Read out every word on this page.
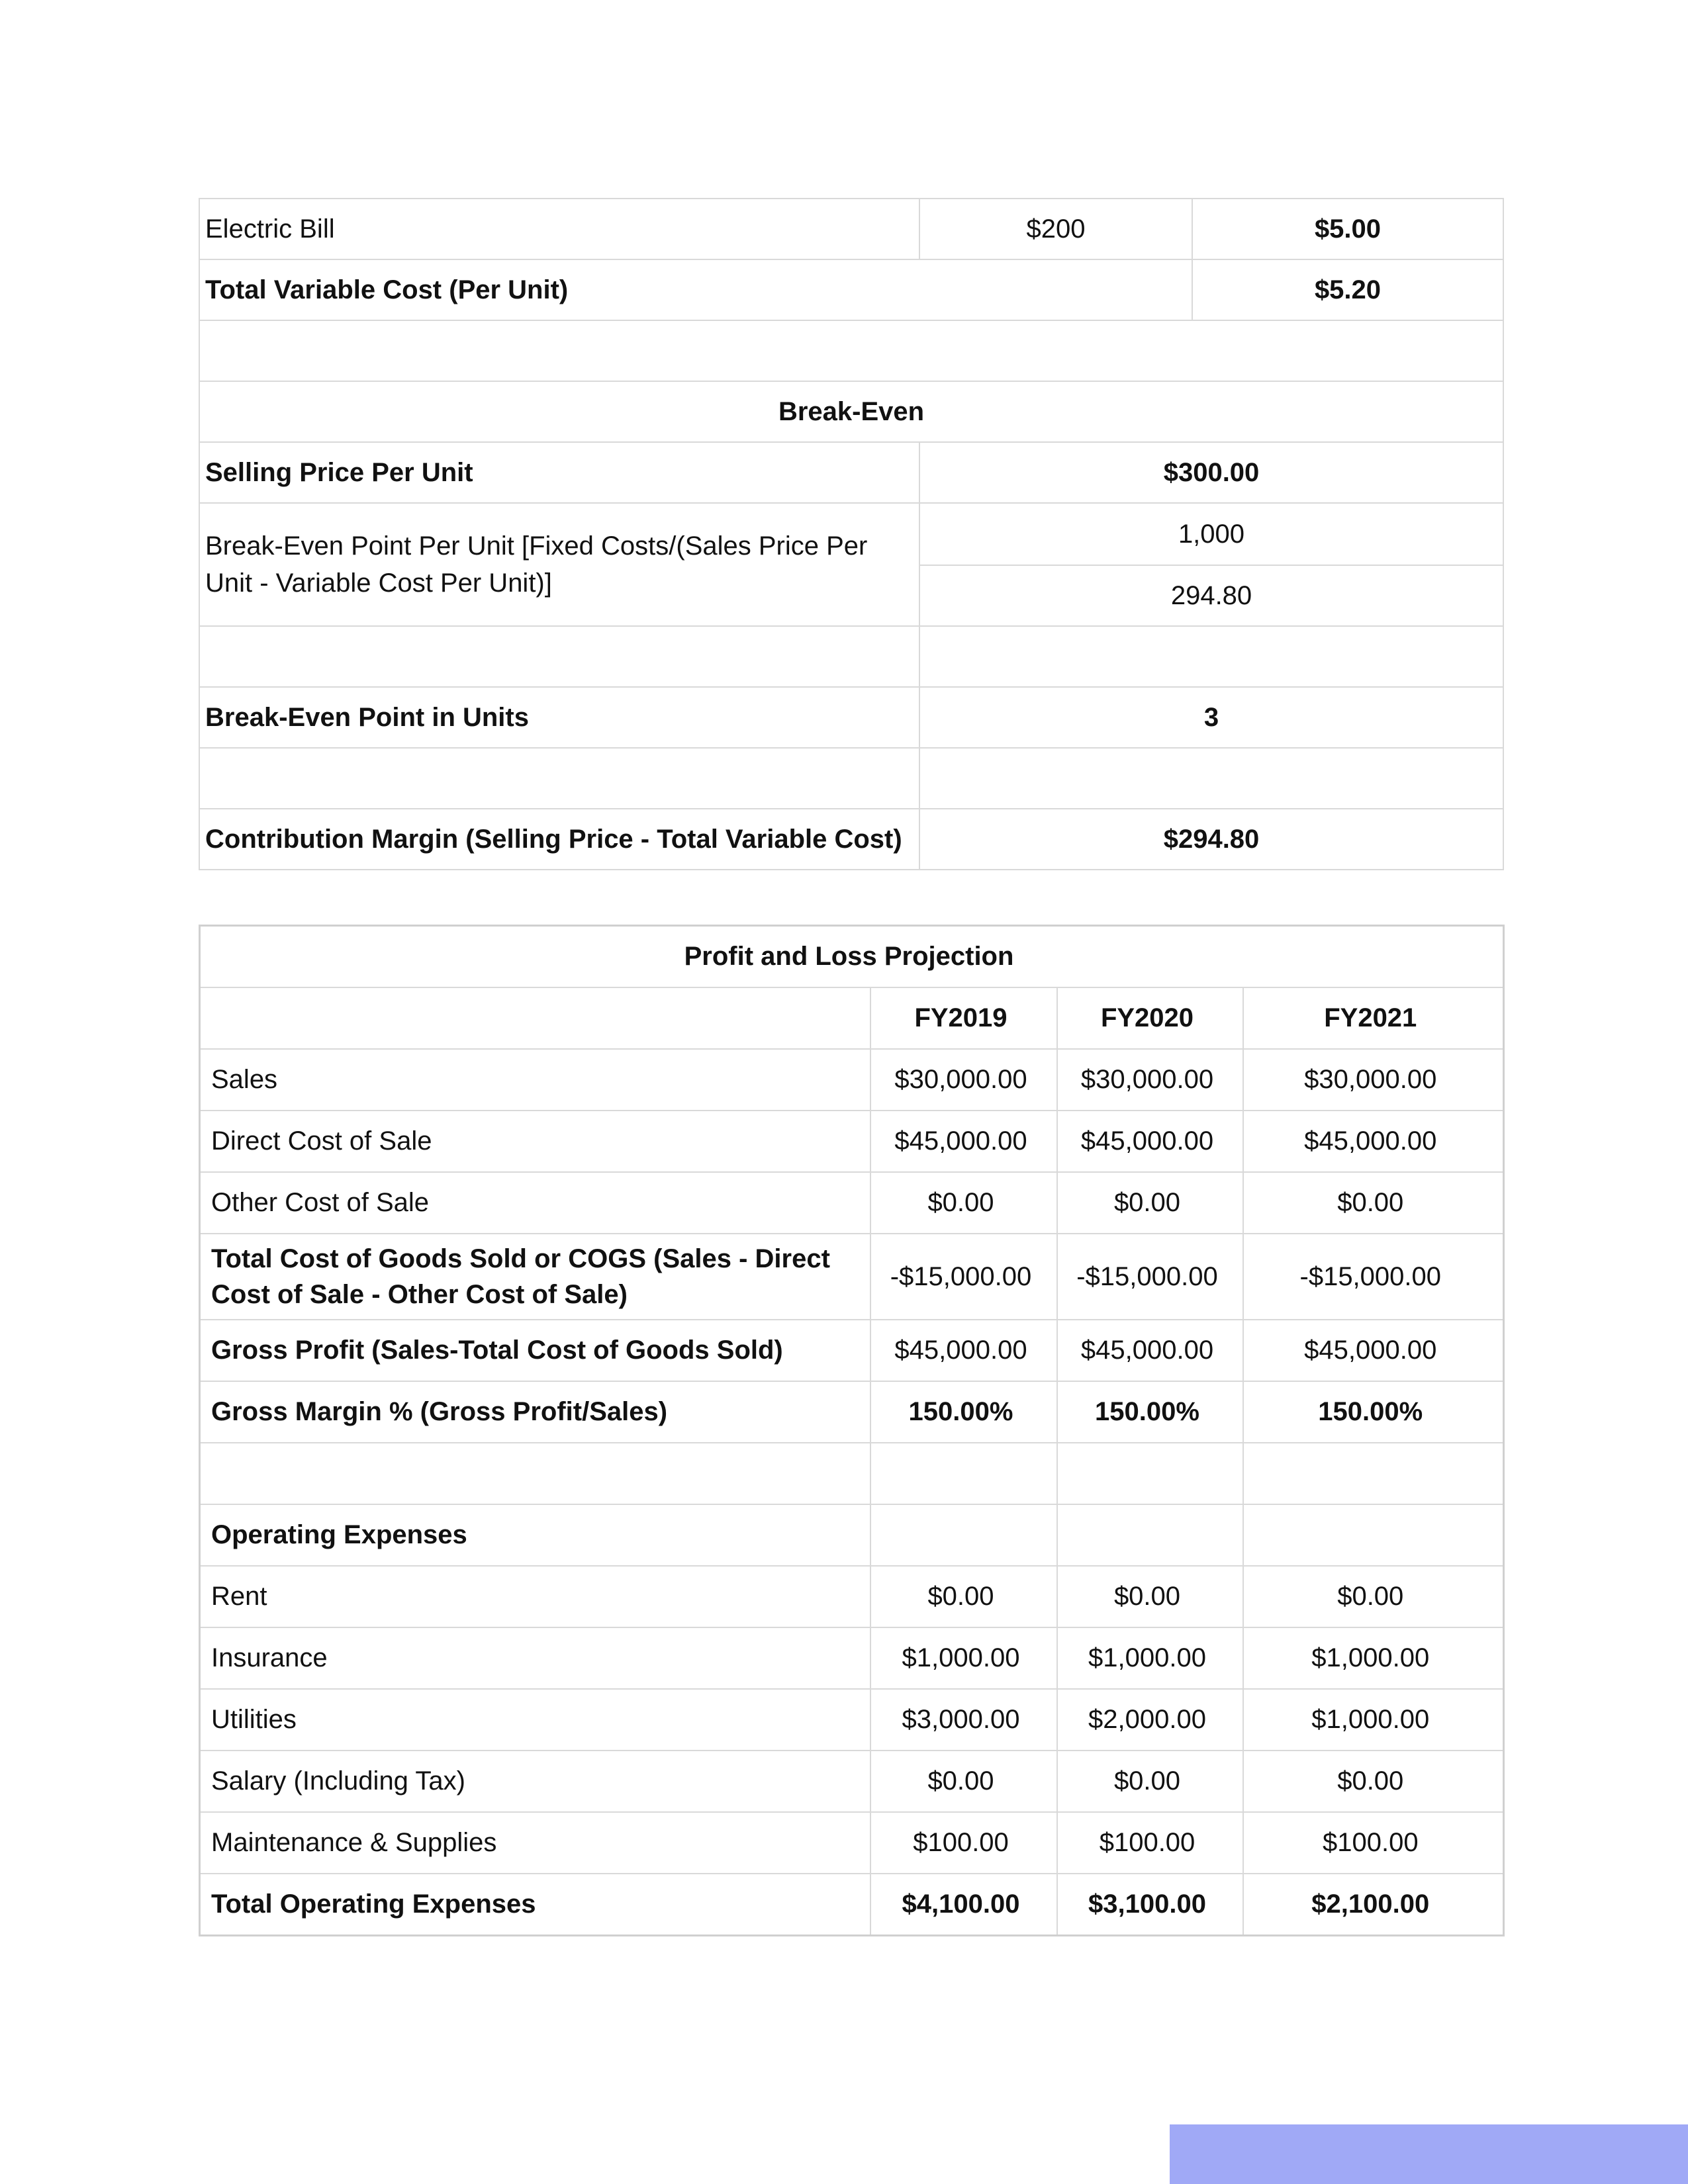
Electric Bill	$200	$5.00
Total Variable Cost (Per Unit)		$5.20

Break-Even		
Selling Price Per Unit	$300.00	
Break-Even Point Per Unit [Fixed Costs/(Sales Price Per Unit - Variable Cost Per Unit)]	1,000
294.80	

Break-Even Point in Units	3	

Contribution Margin (Selling Price - Total Variable Cost)	$294.80	
Profit and Loss Projection			
	FY2019	FY2020	FY2021
Sales	$30,000.00	$30,000.00	$30,000.00
Direct Cost of Sale	$45,000.00	$45,000.00	$45,000.00
Other Cost of Sale	$0.00	$0.00	$0.00
Total Cost of Goods Sold or COGS (Sales - Direct Cost of Sale - Other Cost of Sale)	-$15,000.00	-$15,000.00	-$15,000.00
Gross Profit (Sales-Total Cost of Goods Sold)	$45,000.00	$45,000.00	$45,000.00
Gross Margin % (Gross Profit/Sales)	150.00%	150.00%	150.00%

Operating Expenses			
Rent	$0.00	$0.00	$0.00
Insurance	$1,000.00	$1,000.00	$1,000.00
Utilities	$3,000.00	$2,000.00	$1,000.00
Salary (Including Tax)	$0.00	$0.00	$0.00
Maintenance & Supplies	$100.00	$100.00	$100.00
Total Operating Expenses	$4,100.00	$3,100.00	$2,100.00
